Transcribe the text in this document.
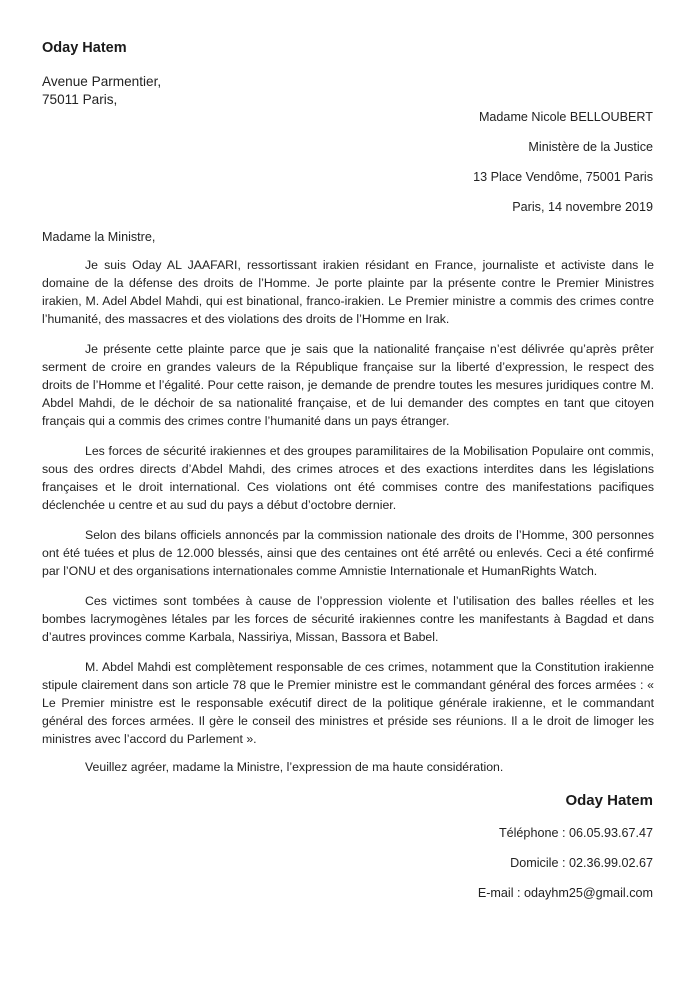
Oday Hatem
Avenue Parmentier,
75011 Paris,
Madame Nicole BELLOUBERT
Ministère de la Justice
13 Place Vendôme, 75001 Paris
Paris, 14 novembre 2019
Madame la Ministre,

Je suis Oday AL JAAFARI, ressortissant irakien résidant en France, journaliste et activiste dans le domaine de la défense des droits de l’Homme. Je porte plainte par la présente contre le Premier Ministres irakien, M. Adel Abdel Mahdi, qui est binational, franco-irakien. Le Premier ministre a commis des crimes contre l’humanité, des massacres et des violations des droits de l’Homme en Irak.

Je présente cette plainte parce que je sais que la nationalité française n’est délivrée qu’après prêter serment de croire en grandes valeurs de la République française sur la liberté d’expression, le respect des droits de l’Homme et l’égalité. Pour cette raison, je demande de prendre toutes les mesures juridiques contre M. Abdel Mahdi, de le déchoir de sa nationalité française, et de lui demander des comptes en tant que citoyen français qui a commis des crimes contre l’humanité dans un pays étranger.

Les forces de sécurité irakiennes et des groupes paramilitaires de la Mobilisation Populaire ont commis, sous des ordres directs d’Abdel Mahdi, des crimes atroces et des exactions interdites dans les législations françaises et le droit international. Ces violations ont été commises contre des manifestations pacifiques déclenchée u centre et au sud du pays a début d’octobre dernier.

Selon des bilans officiels annoncés par la commission nationale des droits de l’Homme, 300 personnes ont été tuées et plus de 12.000 blessés, ainsi que des centaines ont été arrêté ou enlevés. Ceci a été confirmé par l’ONU et des organisations internationales comme Amnistie Internationale et HumanRights Watch.

Ces victimes sont tombées à cause de l’oppression violente et l’utilisation des balles réelles et les bombes lacrymogènes létales par les forces de sécurité irakiennes contre les manifestants à Bagdad et dans d’autres provinces comme Karbala, Nassiriya, Missan, Bassora et Babel.

M. Abdel Mahdi est complètement responsable de ces crimes, notamment que la Constitution irakienne stipule clairement dans son article 78 que le Premier ministre est le commandant général des forces armées : « Le Premier ministre est le responsable exécutif direct de la politique générale irakienne, et le commandant général des forces armées. Il gère le conseil des ministres et préside ses réunions. Il a le droit de limoger les ministres avec l’accord du Parlement ».

Veuillez agréer, madame la Ministre, l’expression de ma haute considération.
Oday Hatem
Téléphone : 06.05.93.67.47
Domicile : 02.36.99.02.67
E-mail : odayhm25@gmail.com
